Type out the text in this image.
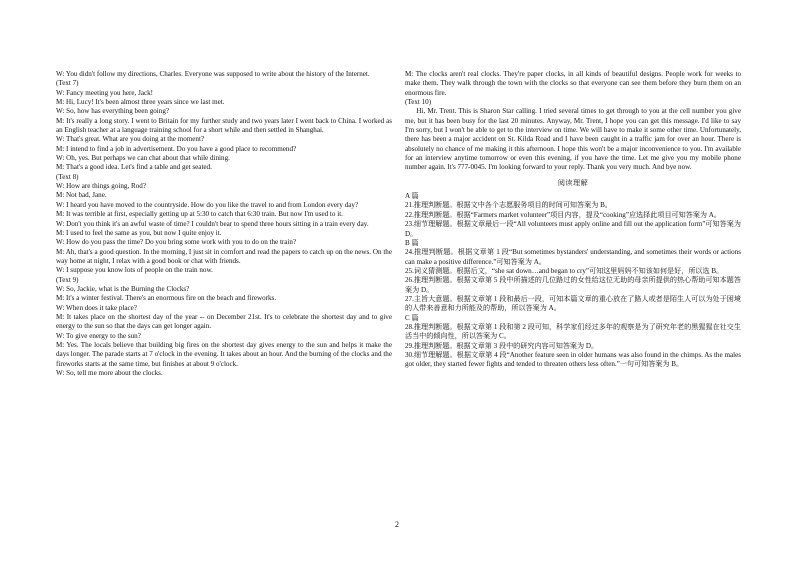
W: You didn't follow my directions, Charles. Everyone was supposed to write about the history of the Internet.

(Text 7)

W: Fancy meeting you here, Jack!

M: Hi, Lucy! It's been almost three years since we last met.

W: So, how has everything been going?

M: It's really a long story. I went to Britain for my further study and two years later I went back to China. I worked as an English teacher at a language training school for a short while and then settled in Shanghai.

W: That's great. What are you doing at the moment?

M: I intend to find a job in advertisement. Do you have a good place to recommend?

W: Oh, yes. But perhaps we can chat about that while dining.

M: That's a good idea. Let's find a table and get seated.

(Text 8)

W: How are things going, Rod?

M: Not bad, Jane.

W: I heard you have moved to the countryside. How do you like the travel to and from London every day?

M: It was terrible at first, especially getting up at 5:30 to catch that 6:30 train. But now I'm used to it.

W: Don't you think it's an awful waste of time? I couldn't bear to spend three hours sitting in a train every day.

M: I used to feel the same as you, but now I quite enjoy it.

W: How do you pass the time? Do you bring some work with you to do on the train?

M: Ah, that's a good question. In the morning, I just sit in comfort and read the papers to catch up on the news. On the way home at night, I relax with a good book or chat with friends.

W: I suppose you know lots of people on the train now.

(Text 9)

W: So, Jackie, what is the Burning the Clocks?

M: It's a winter festival. There's an enormous fire on the beach and fireworks.

W: When does it take place?

M: It takes place on the shortest day of the year -- on December 21st. It's to celebrate the shortest day and to give energy to the sun so that the days can get longer again.

W: To give energy to the sun?

M: Yes. The locals believe that building big fires on the shortest day gives energy to the sun and helps it make the days longer. The parade starts at 7 o'clock in the evening. It takes about an hour. And the burning of the clocks and the fireworks starts at the same time, but finishes at about 9 o'clock.

W: So, tell me more about the clocks.

M: The clocks aren't real clocks. They're paper clocks, in all kinds of beautiful designs. People work for weeks to make them. They walk through the town with the clocks so that everyone can see them before they burn them on an enormous fire.

(Text 10)

Hi, Mr. Trent. This is Sharon Star calling. I tried several times to get through to you at the cell number you give me, but it has been busy for the last 20 minutes. Anyway, Mr. Trent, I hope you can get this message. I'd like to say I'm sorry, but I won't be able to get to the interview on time. We will have to make it some other time. Unfortunately, there has been a major accident on St. Kilda Road and I have been caught in a traffic jam for over an hour. There is absolutely no chance of me making it this afternoon. I hope this won't be a major inconvenience to you. I'm available for an interview anytime tomorrow or even this evening, if you have the time. Let me give you my mobile phone number again. It's 777-0045. I'm looking forward to your reply. Thank you very much. And bye now.

阅读理解

A 篇

21.推理判断题。根据文中各个志愿服务项目的时间可知答案为 B。

22.推理判断题。根据“Farmers market volunteer”项目内容，提及“cooking”应选择此项目可知答案为 A。

23.细节理解题。根据文章最后一段“All volunteers must apply online and fill out the application form”可知答案为 D。

B 篇

24.推理判断题。根据文章第 1 段“But sometimes bystanders' understanding, and sometimes their words or actions can make a positive difference.”可知答案为 A。

25.词义猜测题。根据后文，“she sat down…and began to cry”可知这里妈妈不知该如何是好，所以选 B。

26.推理判断题。根据文章第 5 段中所描述的几位路过的女性给这位无助的母亲所提供的热心帮助可知本题答案为 D。

27.主旨大意题。根据文章第 1 段和最后一段，可知本篇文章的重心放在了路人或者是陌生人可以为处于困境的人带来善意和力所能及的帮助，所以答案为 A。

C 篇

28.推理判断题。根据文章第 1 段和第 2 段可知，科学家们经过多年的观察是为了研究年老的黑猩猩在社交生活当中的倾向性，所以答案为 C。

29.推理判断题。根据文章第 3 段中的研究内容可知答案为 D。

30.细节理解题。根据文章第 4 段“Another feature seen in older humans was also found in the chimps. As the males got older, they started fewer fights and tended to threaten others less often.”一句可知答案为 B。

2
